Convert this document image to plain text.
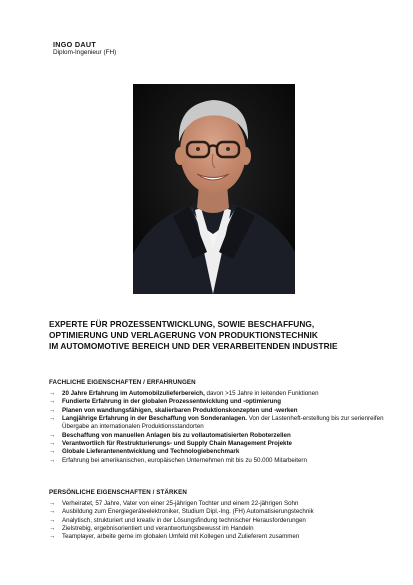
INGO DAUT
Diplom-Ingenieur (FH)
EXPERTE FÜR PROZESSENTWICKLUNG, SOWIE BESCHAFFUNG,
OPTIMIERUNG UND VERLAGERUNG VON PRODUKTIONSTECHNIK
IM AUTOMOMOTIVE BEREICH UND DER VERARBEITENDEN INDUSTRIE
FACHLICHE EIGENSCHAFTEN / ERFAHRUNGEN
→ 20 Jahre Erfahrung im Automobilzulieferbereich, davon >15 Jahre in leitenden Funktionen
→ Fundierte Erfahrung in der globalen Prozessentwicklung und -optimierung
→ Planen von wandlungsfähigen, skalierbaren Produktionskonzepten und -werken
→ Langjährige Erfahrung in der Beschaffung von Sonderanlagen. Von der Lastenheft-erstellung bis zur serienreifen Übergabe an internationalen Produktionsstandorten
→ Beschaffung von manuellen Anlagen bis zu vollautomatisierten Roboterzellen
→ Verantwortlich für Restrukturierungs- und Supply Chain Management Projekte
→ Globale Lieferantenentwicklung und Technologiebenchmark
→ Erfahrung bei amerikanischen, europäischen Unternehmen mit bis zu 50.000 Mitarbeitern
PERSÖNLICHE EIGENSCHAFTEN / STÄRKEN
→ Verheiratet, 57 Jahre, Vater von einer 25-jährigen Tochter und einem 22-jährigen Sohn
→ Ausbildung zum Energiegeräteelektroniker, Studium Dipl.-Ing. (FH) Automatisierungstechnik
→ Analytisch, strukturiert und kreativ in der Lösungsfindung technischer Herausforderungen
→ Zielstrebig, ergebnisorientiert und verantwortungsbewusst im Handeln
→ Teamplayer, arbeite gerne im globalen Umfeld mit Kollegen und Zulieferern zusammen
